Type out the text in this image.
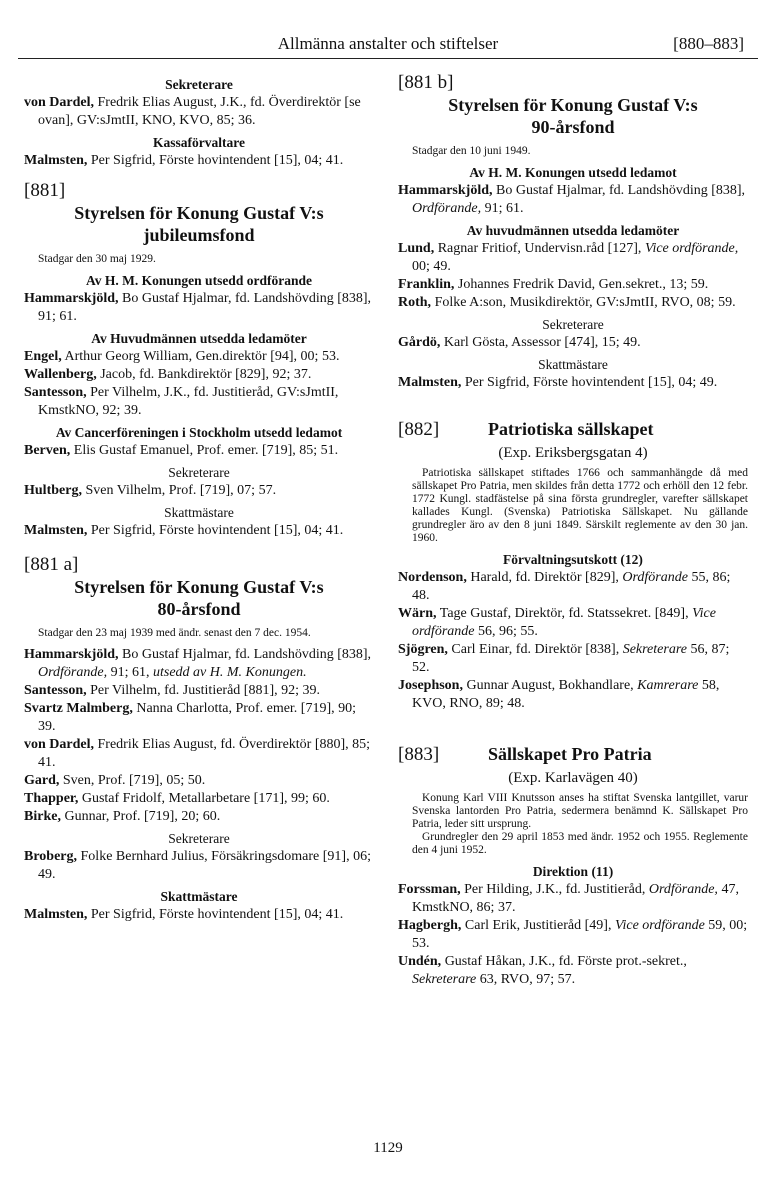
Allmänna anstalter och stiftelser	[880–883]
Sekreterare

von Dardel, Fredrik Elias August, J.K., fd. Överdirektör [se ovan], GV:sJmtII, KNO, KVO, 85; 36.

Kassaförvaltare

Malmsten, Per Sigfrid, Förste hovintendent [15], 04; 41.

[881]
Styrelsen för Konung Gustaf V:s
jubileumsfond
Stadgar den 30 maj 1929.
Av H. M. Konungen utsedd ordförande

Hammarskjöld, Bo Gustaf Hjalmar, fd. Landshövding [838], 91; 61.

Av Huvudmännen utsedda ledamöter

Engel, Arthur Georg William, Gen.direktör [94], 00; 53.

Wallenberg, Jacob, fd. Bankdirektör [829], 92; 37.

Santesson, Per Vilhelm, J.K., fd. Justitieråd, GV:sJmtII, KmstkNO, 92; 39.

Av Cancerföreningen i Stockholm utsedd ledamot

Berven, Elis Gustaf Emanuel, Prof. emer. [719], 85; 51.

Sekreterare

Hultberg, Sven Vilhelm, Prof. [719], 07; 57.

Skattmästare

Malmsten, Per Sigfrid, Förste hovintendent [15], 04; 41.

[881 a]
Styrelsen för Konung Gustaf V:s
80-årsfond
Stadgar den 23 maj 1939 med ändr. senast den 7 dec. 1954.

Hammarskjöld, Bo Gustaf Hjalmar, fd. Landshövding [838], Ordförande, 91; 61, utsedd av H. M. Konungen.

Santesson, Per Vilhelm, fd. Justitieråd [881], 92; 39.

Svartz Malmberg, Nanna Charlotta, Prof. emer. [719], 90; 39.

von Dardel, Fredrik Elias August, fd. Överdirektör [880], 85; 41.

Gard, Sven, Prof. [719], 05; 50.

Thapper, Gustaf Fridolf, Metallarbetare [171], 99; 60.

Birke, Gunnar, Prof. [719], 20; 60.

Sekreterare

Broberg, Folke Bernhard Julius, Försäkringsdomare [91], 06; 49.

Skattmästare

Malmsten, Per Sigfrid, Förste hovintendent [15], 04; 41.

[881 b]
Styrelsen för Konung Gustaf V:s
90-årsfond
Stadgar den 10 juni 1949.
Av H. M. Konungen utsedd ledamot

Hammarskjöld, Bo Gustaf Hjalmar, fd. Landshövding [838], Ordförande, 91; 61.

Av huvudmännen utsedda ledamöter

Lund, Ragnar Fritiof, Undervisn.råd [127], Vice ordförande, 00; 49.

Franklin, Johannes Fredrik David, Gen.sekret., 13; 59.

Roth, Folke A:son, Musikdirektör, GV:sJmtII, RVO, 08; 59.

Sekreterare

Gårdö, Karl Gösta, Assessor [474], 15; 49.

Skattmästare

Malmsten, Per Sigfrid, Förste hovintendent [15], 04; 49.

[882]	Patriotiska sällskapet
(Exp. Eriksbergsgatan 4)

Patriotiska sällskapet stiftades 1766 och sammanhängde då med sällskapet Pro Patria, men skildes från detta 1772 och erhöll den 12 febr. 1772 Kungl. stadfästelse på sina första grundregler, varefter sällskapet kallades Kungl. (Svenska) Patriotiska Sällskapet. Nu gällande grundregler äro av den 8 juni 1849. Särskilt reglemente av den 30 jan. 1960.

Förvaltningsutskott (12)

Nordenson, Harald, fd. Direktör [829], Ordförande 55, 86; 48.

Wärn, Tage Gustaf, Direktör, fd. Statssekret. [849], Vice ordförande 56, 96; 55.

Sjögren, Carl Einar, fd. Direktör [838], Sekreterare 56, 87; 52.

Josephson, Gunnar August, Bokhandlare, Kamrerare 58, KVO, RNO, 89; 48.

[883]	Sällskapet Pro Patria
(Exp. Karlavägen 40)

Konung Karl VIII Knutsson anses ha stiftat Svenska lantgillet, varur Svenska lantorden Pro Patria, sedermera benämnd K. Sällskapet Pro Patria, leder sitt ursprung.

Grundregler den 29 april 1853 med ändr. 1952 och 1955. Reglemente den 4 juni 1952.

Direktion (11)

Forssman, Per Hilding, J.K., fd. Justitieråd, Ordförande, 47, KmstkNO, 86; 37.

Hagbergh, Carl Erik, Justitieråd [49], Vice ordförande 59, 00; 53.

Undén, Gustaf Håkan, J.K., fd. Förste prot.-sekret., Sekreterare 63, RVO, 97; 57.

1129
